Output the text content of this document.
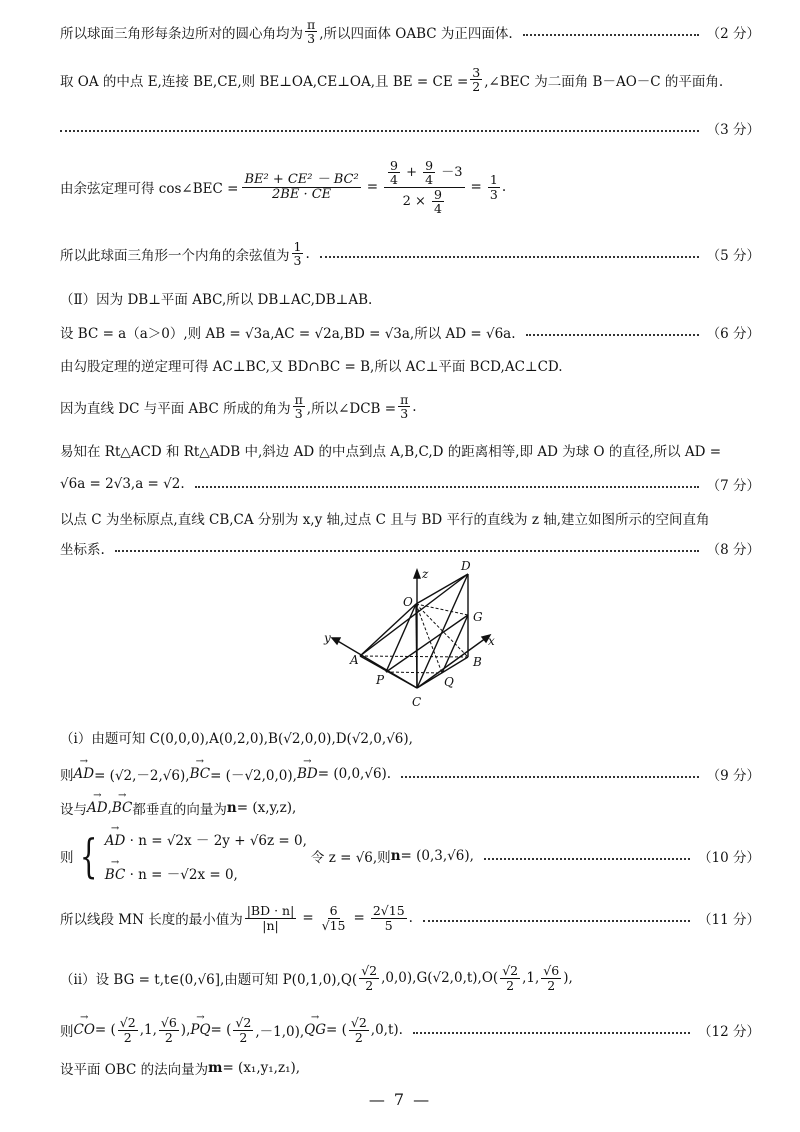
所以球面三角形每条边所对的圆心角均为 $\frac{\pi}{3}$ ,所以四面体 OABC 为正四面体.	（2 分）
取 OA 的中点 E,连接 BE,CE,则 BE⊥OA,CE⊥OA,且 BE = CE = $\frac{3}{2}$ ,∠BEC 为二面角 B－AO－C 的平面角.
（3 分）
由余弦定理可得 cos∠BEC = $\frac{\text{BE² + CE² － BC²}}{2BE \cdot CE} = \frac{\frac{9}{4} + \frac{9}{4} -3}{2 \times \frac{9}{4}} = \frac{1}{3}$ .
所以此球面三角形一个内角的余弦值为 $\frac{1}{3}$ .	（5 分）
（Ⅱ）因为 DB⊥平面 ABC,所以 DB⊥AC,DB⊥AB.
设 BC = a（a＞0）,则 AB = √3a,AC = √2a,BD = √3a,所以 AD = √6a.	（6 分）
由勾股定理的逆定理可得 AC⊥BC,又 BD∩BC = B,所以 AC⊥平面 BCD,AC⊥CD.
因为直线 DC 与平面 ABC 所成的角为 $\frac{\pi}{3}$ ,所以∠DCB = $\frac{\pi}{3}$ .
易知在 Rt△ACD 和 Rt△ADB 中,斜边 AD 的中点到点 A,B,C,D 的距离相等,即 AD 为球 O 的直径,所以 AD =
√6a = 2√3,a = √2.	（7 分）
以点 C 为坐标原点,直线 CB,CA 分别为 x,y 轴,过点 C 且与 BD 平行的直线为 z 轴,建立如图所示的空间直角
坐标系.	（8 分）
z
D
O
G
y
A
x
B
P	Q
C
（ⅰ）由题可知 C(0,0,0),A(0,2,0),B(√2,0,0),D(√2,0,√6),
则 → AD = (√2,－2,√6), → BC = (－√2,0,0), → BD = (0,0,√6).	（9 分）
设与 → AD , → BC 都垂直的向量为 n = (x,y,z),
则 { → AD · n = √2x － 2y + √6z = 0,
→ BC · n = －√2x = 0,
令 z = √6,则 n = (0,3,√6),	（10 分）
所以线段 MN 长度的最小值为 $\frac{|BD \cdot n|}{|n|} = \frac{6}{√15} = \frac{2√15}{5}$ .	（11 分）
（ⅱ）设 BG = t,t∈(0,√6],由题可知 $P(0,1,0),Q( \frac{√2}{2} ,0,0),G(√2,0,t),O( \frac{√2}{2} ,1$, $\frac{√6}{2}$ ),
则 → CO = ( $\frac{√2}{2} ,1$, $\frac{√6}{2}$ ), → PQ = ( $\frac{√2}{2} ,-1,0$), → QG = ( $\frac{√2}{2} ,0,t$).	（12 分）
设平面 OBC 的法向量为 m = (x₁,y₁,z₁),
— 7 —
